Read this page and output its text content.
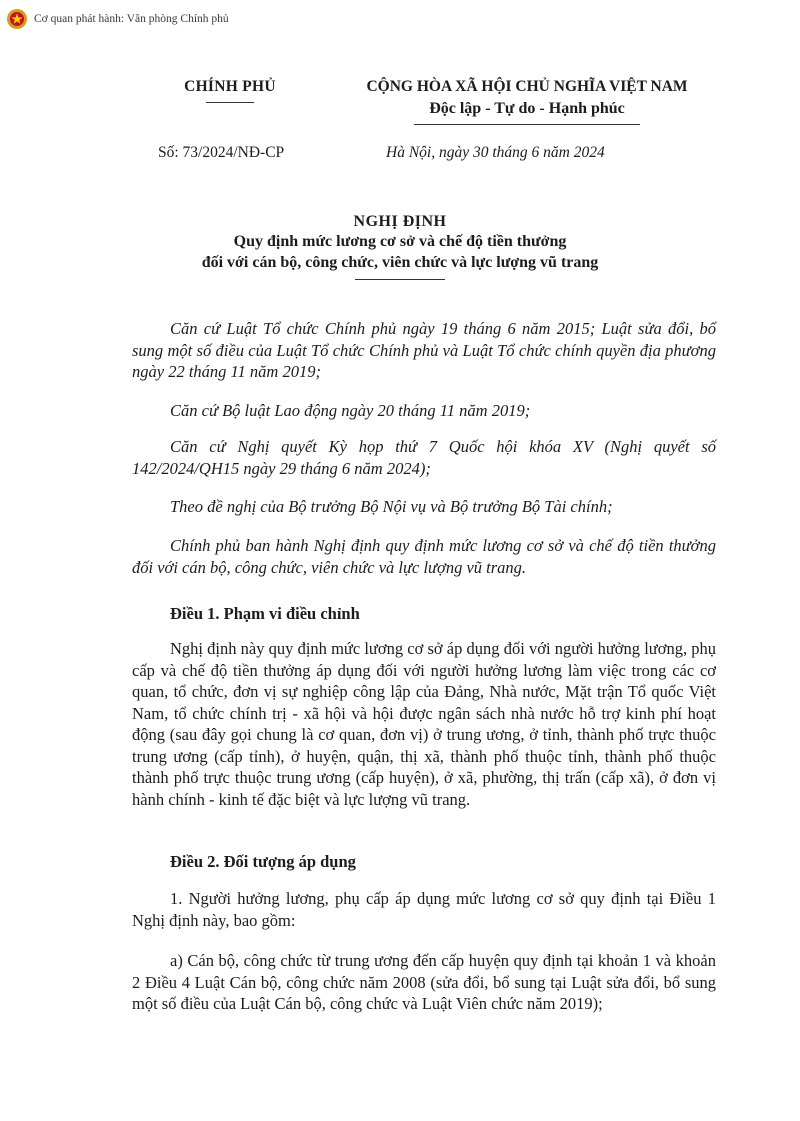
Cơ quan phát hành: Văn phòng Chính phủ
CHÍNH PHỦ	CỘNG HÒA XÃ HỘI CHỦ NGHĨA VIỆT NAM
Độc lập - Tự do - Hạnh phúc
Số: 73/2024/NĐ-CP	Hà Nội, ngày 30 tháng 6 năm 2024
NGHỊ ĐỊNH
Quy định mức lương cơ sở và chế độ tiền thưởng
đối với cán bộ, công chức, viên chức và lực lượng vũ trang
Căn cứ Luật Tổ chức Chính phủ ngày 19 tháng 6 năm 2015; Luật sửa đổi, bổ sung một số điều của Luật Tổ chức Chính phủ và Luật Tổ chức chính quyền địa phương ngày 22 tháng 11 năm 2019;
Căn cứ Bộ luật Lao động ngày 20 tháng 11 năm 2019;
Căn cứ Nghị quyết Kỳ họp thứ 7 Quốc hội khóa XV (Nghị quyết số 142/2024/QH15 ngày 29 tháng 6 năm 2024);
Theo đề nghị của Bộ trưởng Bộ Nội vụ và Bộ trưởng Bộ Tài chính;
Chính phủ ban hành Nghị định quy định mức lương cơ sở và chế độ tiền thưởng đối với cán bộ, công chức, viên chức và lực lượng vũ trang.
Điều 1. Phạm vi điều chỉnh
Nghị định này quy định mức lương cơ sở áp dụng đối với người hưởng lương, phụ cấp và chế độ tiền thưởng áp dụng đối với người hưởng lương làm việc trong các cơ quan, tổ chức, đơn vị sự nghiệp công lập của Đảng, Nhà nước, Mặt trận Tổ quốc Việt Nam, tổ chức chính trị - xã hội và hội được ngân sách nhà nước hỗ trợ kinh phí hoạt động (sau đây gọi chung là cơ quan, đơn vị) ở trung ương, ở tỉnh, thành phố trực thuộc trung ương (cấp tỉnh), ở huyện, quận, thị xã, thành phố thuộc tỉnh, thành phố thuộc thành phố trực thuộc trung ương (cấp huyện), ở xã, phường, thị trấn (cấp xã), ở đơn vị hành chính - kinh tế đặc biệt và lực lượng vũ trang.
Điều 2. Đối tượng áp dụng
1. Người hưởng lương, phụ cấp áp dụng mức lương cơ sở quy định tại Điều 1 Nghị định này, bao gồm:
a) Cán bộ, công chức từ trung ương đến cấp huyện quy định tại khoản 1 và khoản 2 Điều 4 Luật Cán bộ, công chức năm 2008 (sửa đổi, bổ sung tại Luật sửa đổi, bổ sung một số điều của Luật Cán bộ, công chức và Luật Viên chức năm 2019);
